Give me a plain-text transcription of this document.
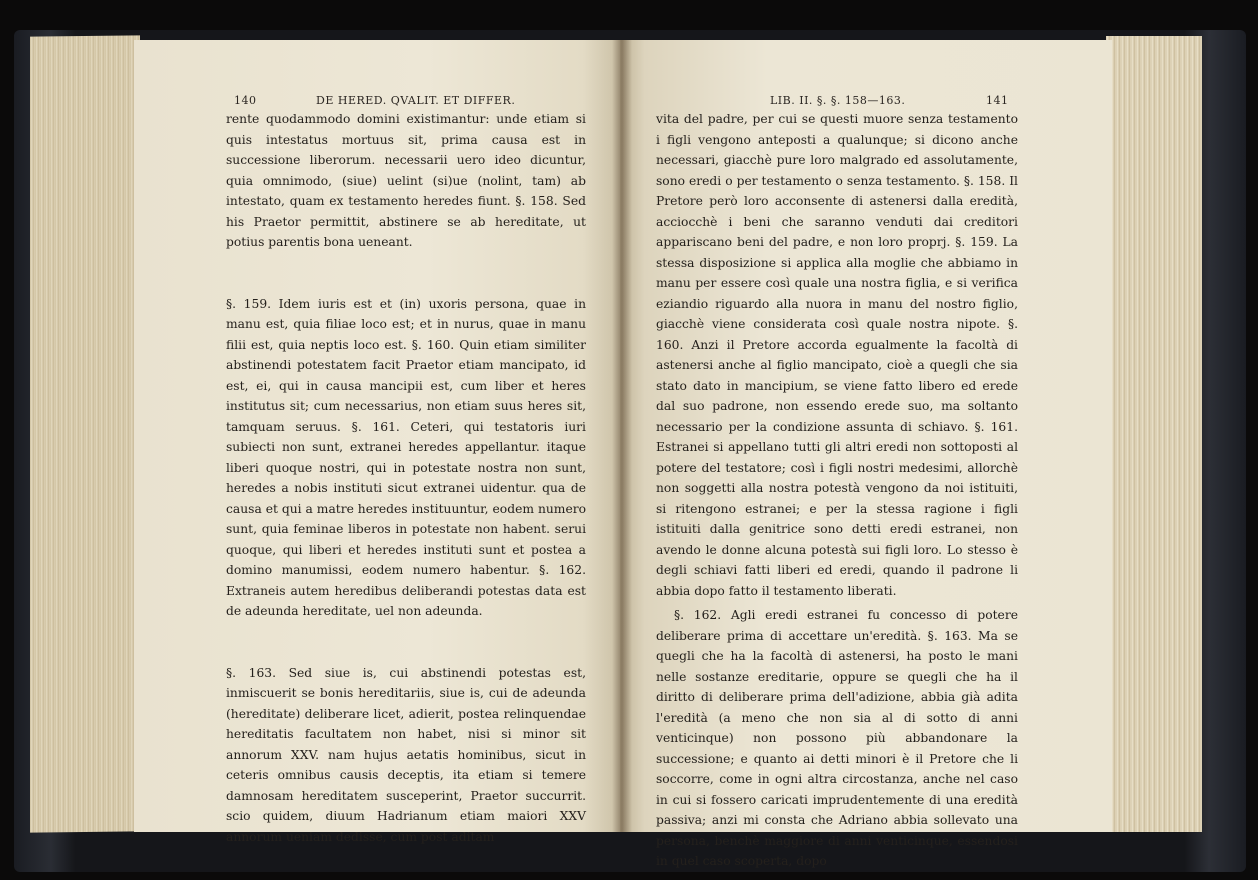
140	DE HERED. QVALIT. ET DIFFER.	LIB. II. §. §. 158—163.	141

rente quodammodo domini existimantur: unde etiam si quis intestatus mortuus sit, prima causa est in successione liberorum. necessarii uero ideo dicuntur, quia omnimodo, (siue) uelint (si)ue (nolint, tam) ab intestato, quam ex testamento heredes fiunt. §. 158. Sed his Praetor permittit, abstinere se ab hereditate, ut potius parentis bona ueneant.

§. 159. Idem iuris est et (in) uxoris persona, quae in manu est, quia filiae loco est; et in nurus, quae in manu filii est, quia neptis loco est. §. 160. Quin etiam similiter abstinendi potestatem facit Praetor etiam mancipato, id est, ei, qui in causa mancipii est, cum liber et heres institutus sit; cum necessarius, non etiam suus heres sit, tamquam seruus. §. 161. Ceteri, qui testatoris iuri subiecti non sunt, extranei heredes appellantur. itaque liberi quoque nostri, qui in potestate nostra non sunt, heredes a nobis instituti sicut extranei uidentur. qua de causa et qui a matre heredes instituuntur, eodem numero sunt, quia feminae liberos in potestate non habent. serui quoque, qui liberi et heredes instituti sunt et postea a domino manumissi, eodem numero habentur. §. 162. Extraneis autem heredibus deliberandi potestas data est de adeunda hereditate, uel non adeunda.

§. 163. Sed siue is, cui abstinendi potestas est, inmiscuerit se bonis hereditariis, siue is, cui de adeunda (hereditate) deliberare licet, adierit, postea relinquendae hereditatis facultatem non habet, nisi si minor sit annorum XXV. nam hujus aetatis hominibus, sicut in ceteris omnibus causis deceptis, ita etiam si temere damnosam hereditatem susceperint, Praetor succurrit. scio quidem, diuum Hadrianum etiam maiori XXV annorum ueniam dedisse, cum post aditam

vita del padre, per cui se questi muore senza testamento i figli vengono anteposti a qualunque; si dicono anche necessari, giacchè pure loro malgrado ed assolutamente, sono eredi o per testamento o senza testamento. §. 158. Il Pretore però loro acconsente di astenersi dalla eredità, acciocchè i beni che saranno venduti dai creditori appariscano beni del padre, e non loro proprj. §. 159. La stessa disposizione si applica alla moglie che abbiamo in manu per essere così quale una nostra figlia, e si verifica eziandio riguardo alla nuora in manu del nostro figlio, giacchè viene considerata così quale nostra nipote. §. 160. Anzi il Pretore accorda egualmente la facoltà di astenersi anche al figlio mancipato, cioè a quegli che sia stato dato in mancipium, se viene fatto libero ed erede dal suo padrone, non essendo erede suo, ma soltanto necessario per la condizione assunta di schiavo. §. 161. Estranei si appellano tutti gli altri eredi non sottoposti al potere del testatore; così i figli nostri medesimi, allorchè non soggetti alla nostra potestà vengono da noi istituiti, si ritengono estranei; e per la stessa ragione i figli istituiti dalla genitrice sono detti eredi estranei, non avendo le donne alcuna potestà sui figli loro. Lo stesso è degli schiavi fatti liberi ed eredi, quando il padrone li abbia dopo fatto il testamento liberati.

§. 162. Agli eredi estranei fu concesso di potere deliberare prima di accettare un'eredità. §. 163. Ma se quegli che ha la facoltà di astenersi, ha posto le mani nelle sostanze ereditarie, oppure se quegli che ha il diritto di deliberare prima dell'adizione, abbia già adita l'eredità (a meno che non sia al di sotto di anni venticinque) non possono più abbandonare la successione; e quanto ai detti minori è il Pretore che li soccorre, come in ogni altra circostanza, anche nel caso in cui si fossero caricati imprudentemente di una eredità passiva; anzi mi consta che Adriano abbia sollevato una persona, benchè maggiore di anni venticinque, essendosi in quel caso scoperta, dopo
